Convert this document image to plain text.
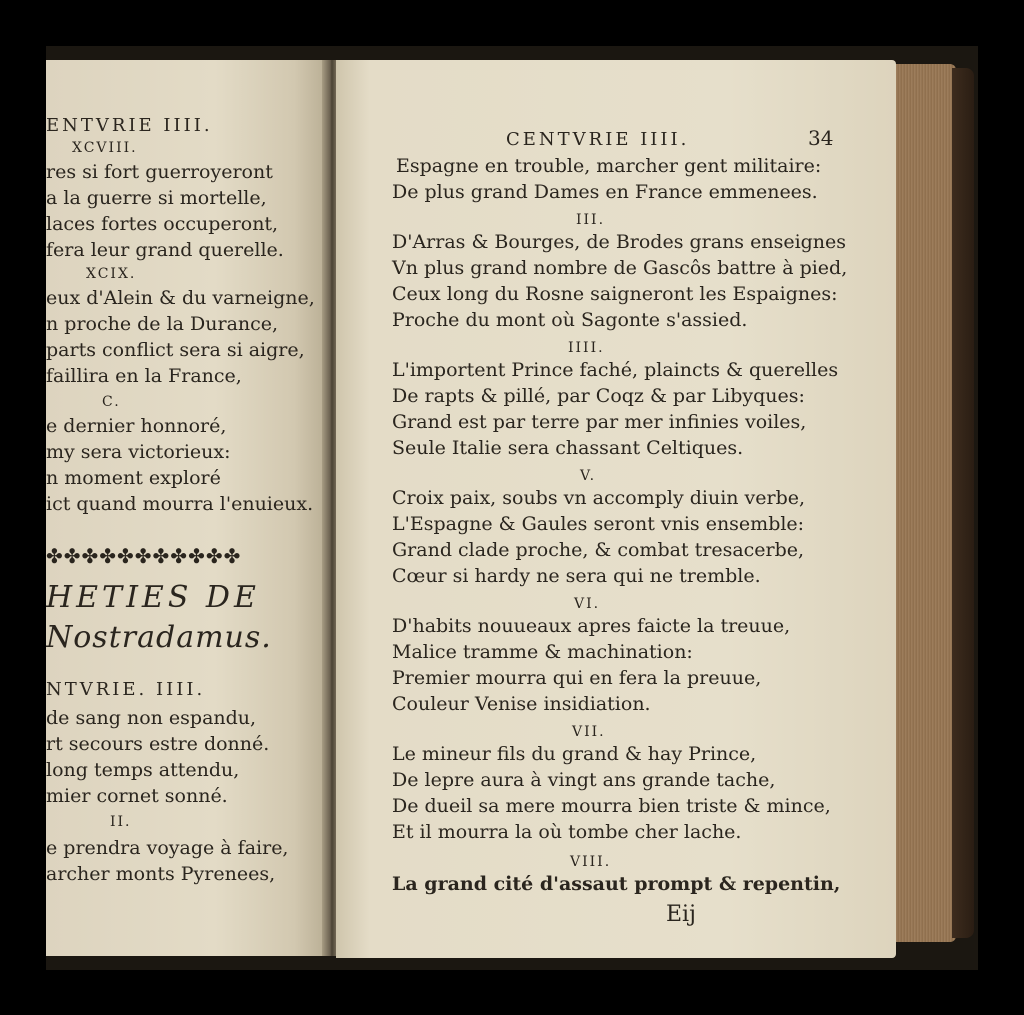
ENTVRIE IIII.
XCVIII.
res si fort guerroyeront
a la guerre si mortelle,
laces fortes occuperont,
fera leur grand querelle.
XCIX.
eux d'Alein & du varneigne,
n proche de la Durance,
parts conflict sera si aigre,
faillira en la France,
C.
e dernier honnoré,
my sera victorieux:
n moment exploré
ict quand mourra l'enuieux.
✤✤✤✤✤✤✤✤✤✤✤
HETIES DE
Nostradamus.
NTVRIE. IIII.
de sang non espandu,
rt secours estre donné.
long temps attendu,
mier cornet sonné.
II.
e prendra voyage à faire,
archer monts Pyrenees,
CENTVRIE IIII.	34
Espagne en trouble, marcher gent militaire:
De plus grand Dames en France emmenees.
III.
D'Arras & Bourges, de Brodes grans enseignes
Vn plus grand nombre de Gascôs battre à pied,
Ceux long du Rosne saigneront les Espaignes:
Proche du mont où Sagonte s'assied.
IIII.
L'importent Prince faché, plaincts & querelles
De rapts & pillé, par Coqz & par Libyques:
Grand est par terre par mer infinies voiles,
Seule Italie sera chassant Celtiques.
V.
Croix paix, soubs vn accomply diuin verbe,
L'Espagne & Gaules seront vnis ensemble:
Grand clade proche, & combat tresacerbe,
Cœur si hardy ne sera qui ne tremble.
VI.
D'habits nouueaux apres faicte la treuue,
Malice tramme & machination:
Premier mourra qui en fera la preuue,
Couleur Venise insidiation.
VII.
Le mineur fils du grand & hay Prince,
De lepre aura à vingt ans grande tache,
De dueil sa mere mourra bien triste & mince,
Et il mourra la où tombe cher lache.
VIII.
La grand cité d'assaut prompt & repentin,
Eij
